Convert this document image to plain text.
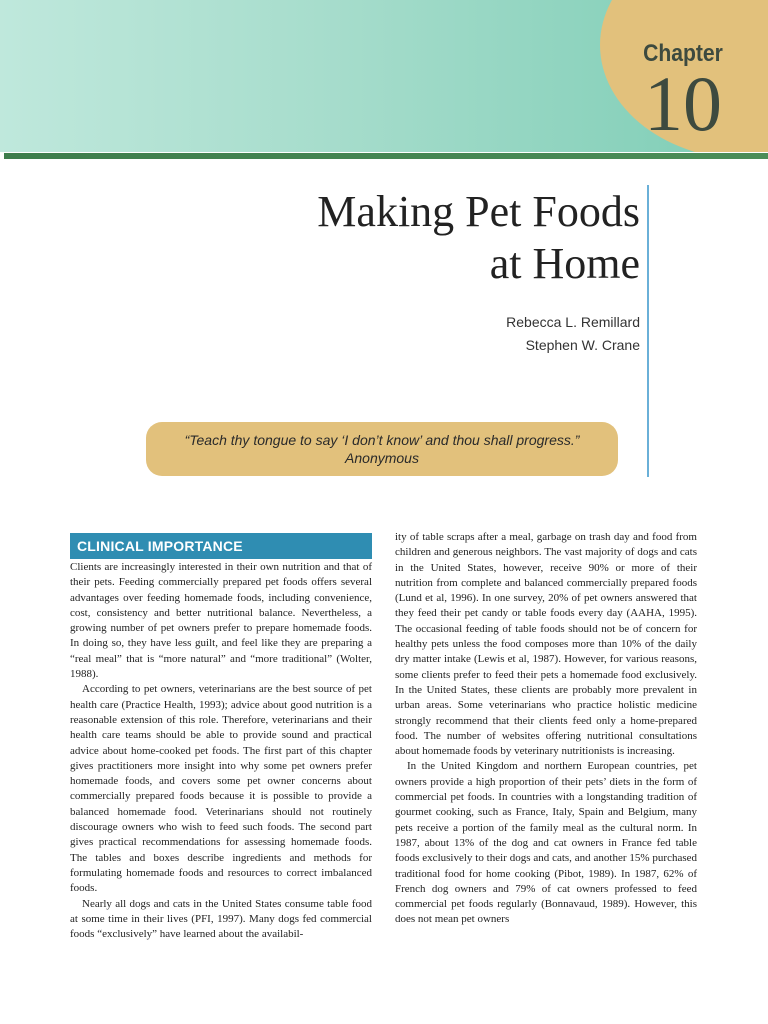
Chapter
10
Making Pet Foods
at Home
Rebecca L. Remillard
Stephen W. Crane
“Teach thy tongue to say ‘I don’t know’ and thou shall progress.”
Anonymous
CLINICAL IMPORTANCE

Clients are increasingly interested in their own nutrition and that of their pets. Feeding commercially prepared pet foods offers several advantages over feeding homemade foods, including convenience, cost, consistency and better nutritional balance. Nevertheless, a growing number of pet owners prefer to prepare homemade foods. In doing so, they have less guilt, and feel like they are preparing a “real meal” that is “more natural” and “more traditional” (Wolter, 1988).

According to pet owners, veterinarians are the best source of pet health care (Practice Health, 1993); advice about good nutrition is a reasonable extension of this role. Therefore, veterinarians and their health care teams should be able to provide sound and practical advice about home-cooked pet foods. The first part of this chapter gives practitioners more insight into why some pet owners prefer homemade foods, and covers some pet owner concerns about commercially prepared foods because it is possible to provide a balanced homemade food. Veterinarians should not routinely discourage owners who wish to feed such foods. The second part gives practical recommendations for assessing homemade foods. The tables and boxes describe ingredients and methods for formulating homemade foods and resources to correct imbalanced foods.

Nearly all dogs and cats in the United States consume table food at some time in their lives (PFI, 1997). Many dogs fed commercial foods “exclusively” have learned about the availabil-

ity of table scraps after a meal, garbage on trash day and food from children and generous neighbors. The vast majority of dogs and cats in the United States, however, receive 90% or more of their nutrition from complete and balanced commercially prepared foods (Lund et al, 1996). In one survey, 20% of pet owners answered that they feed their pet candy or table foods every day (AAHA, 1995). The occasional feeding of table foods should not be of concern for healthy pets unless the food composes more than 10% of the daily dry matter intake (Lewis et al, 1987). However, for various reasons, some clients prefer to feed their pets a homemade food exclusively. In the United States, these clients are probably more prevalent in urban areas. Some veterinarians who practice holistic medicine strongly recommend that their clients feed only a home-prepared food. The number of websites offering nutritional consultations about homemade foods by veterinary nutritionists is increasing.

In the United Kingdom and northern European countries, pet owners provide a high proportion of their pets’ diets in the form of commercial pet foods. In countries with a longstanding tradition of gourmet cooking, such as France, Italy, Spain and Belgium, many pets receive a portion of the family meal as the cultural norm. In 1987, about 13% of the dog and cat owners in France fed table foods exclusively to their dogs and cats, and another 15% purchased traditional food for home cooking (Pibot, 1989). In 1987, 62% of French dog owners and 79% of cat owners professed to feed commercial pet foods regularly (Bonnavaud, 1989). However, this does not mean pet owners
